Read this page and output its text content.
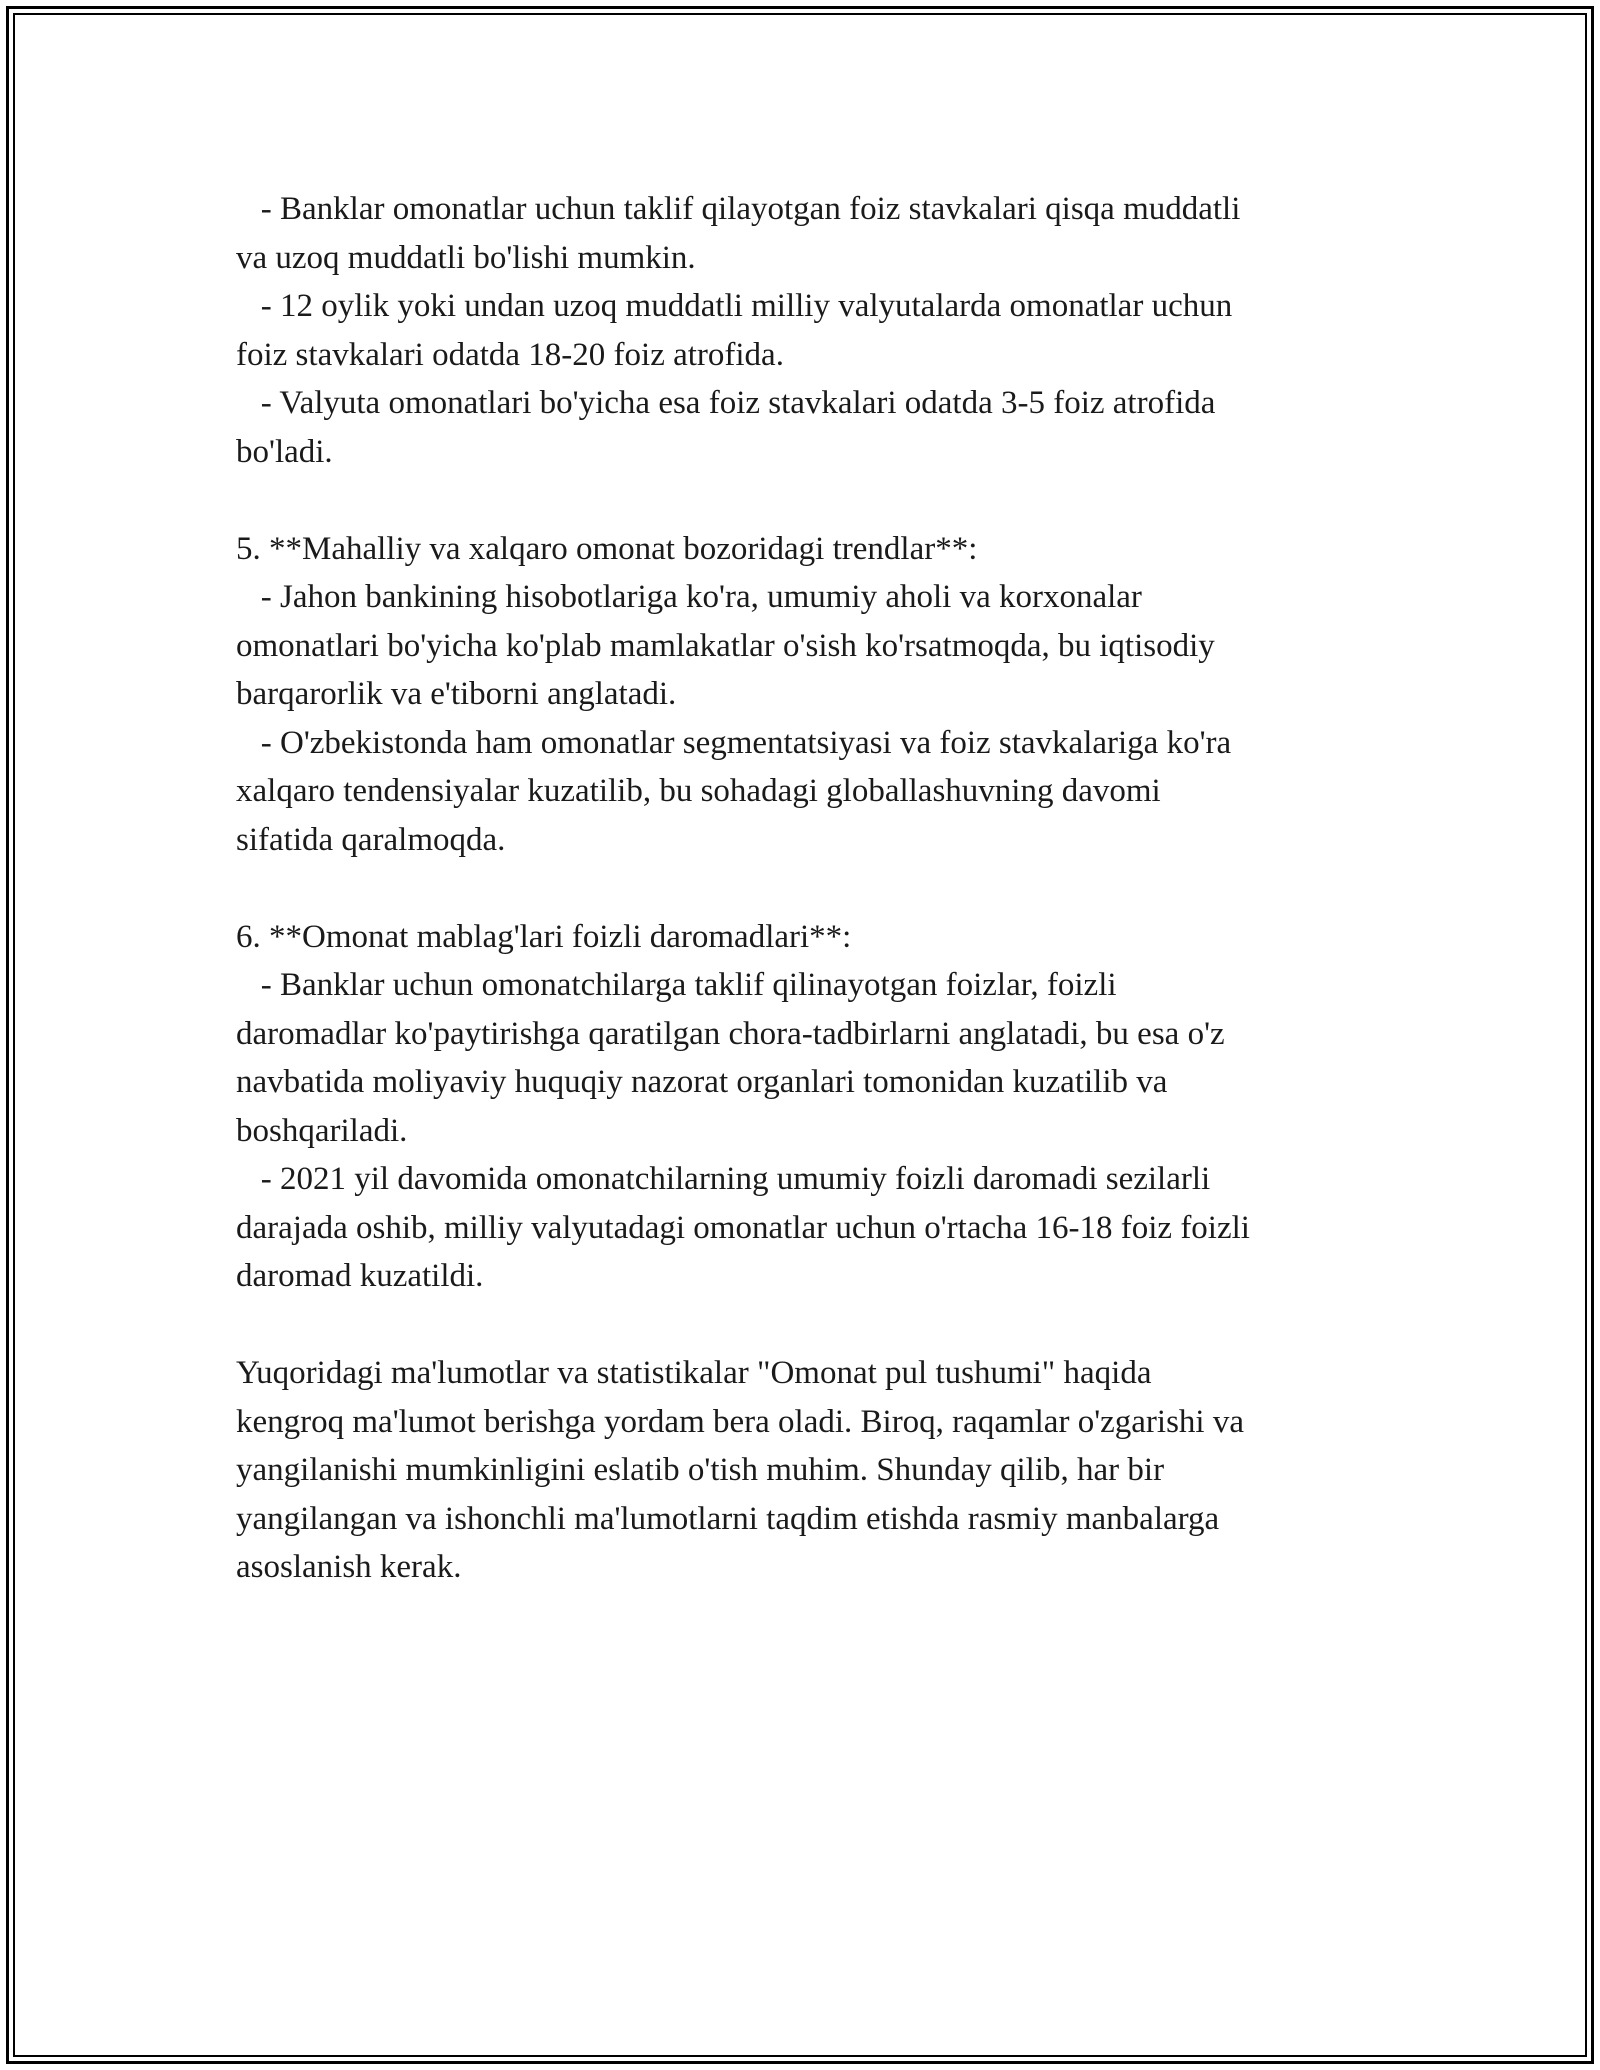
- Banklar omonatlar uchun taklif qilayotgan foiz stavkalari qisqa muddatli

va uzoq muddatli bo'lishi mumkin.

- 12 oylik yoki undan uzoq muddatli milliy valyutalarda omonatlar uchun

foiz stavkalari odatda 18-20 foiz atrofida.

- Valyuta omonatlari bo'yicha esa foiz stavkalari odatda 3-5 foiz atrofida

bo'ladi.

5. **Mahalliy va xalqaro omonat bozoridagi trendlar**:

- Jahon bankining hisobotlariga ko'ra, umumiy aholi va korxonalar

omonatlari bo'yicha ko'plab mamlakatlar o'sish ko'rsatmoqda, bu iqtisodiy

barqarorlik va e'tiborni anglatadi.

- O'zbekistonda ham omonatlar segmentatsiyasi va foiz stavkalariga ko'ra

xalqaro tendensiyalar kuzatilib, bu sohadagi globallashuvning davomi

sifatida qaralmoqda.

6. **Omonat mablag'lari foizli daromadlari**:

- Banklar uchun omonatchilarga taklif qilinayotgan foizlar, foizli

daromadlar ko'paytirishga qaratilgan chora-tadbirlarni anglatadi, bu esa o'z

navbatida moliyaviy huquqiy nazorat organlari tomonidan kuzatilib va

boshqariladi.

- 2021 yil davomida omonatchilarning umumiy foizli daromadi sezilarli

darajada oshib, milliy valyutadagi omonatlar uchun o'rtacha 16-18 foiz foizli

daromad kuzatildi.

Yuqoridagi ma'lumotlar va statistikalar "Omonat pul tushumi" haqida

kengroq ma'lumot berishga yordam bera oladi. Biroq, raqamlar o'zgarishi va

yangilanishi mumkinligini eslatib o'tish muhim. Shunday qilib, har bir

yangilangan va ishonchli ma'lumotlarni taqdim etishda rasmiy manbalarga

asoslanish kerak.
